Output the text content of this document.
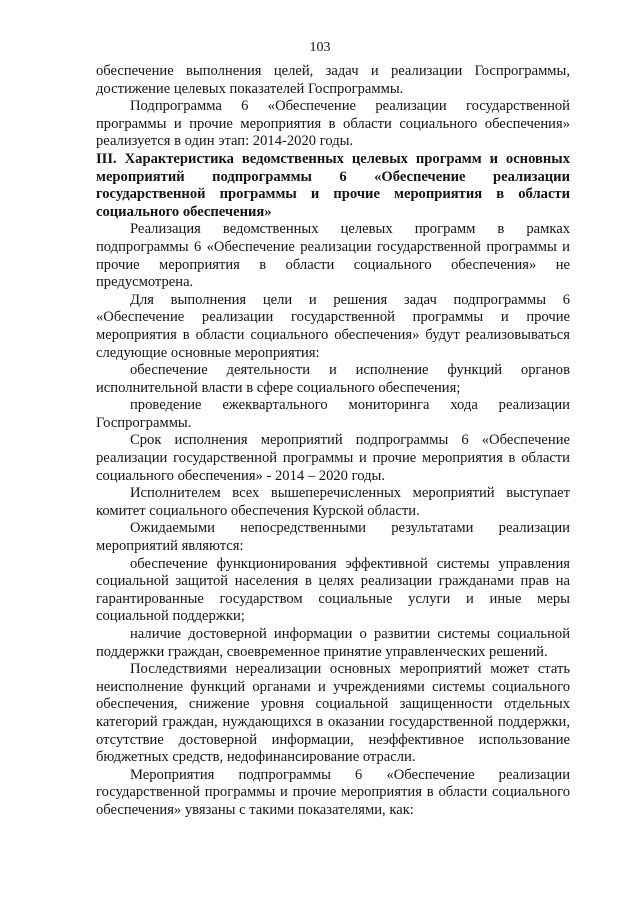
103

обеспечение выполнения целей, задач и реализации Госпрограммы, достижение целевых показателей Госпрограммы.

Подпрограмма 6 «Обеспечение реализации государственной программы и прочие мероприятия в области социального обеспечения» реализуется в один этап: 2014-2020 годы.

III. Характеристика ведомственных целевых программ и основных мероприятий подпрограммы 6 «Обеспечение реализации государственной программы и прочие мероприятия в области социального обеспечения»

Реализация ведомственных целевых программ в рамках подпрограммы 6 «Обеспечение реализации государственной программы и прочие мероприятия в области социального обеспечения» не предусмотрена.

Для выполнения цели и решения задач подпрограммы 6 «Обеспечение реализации государственной программы и прочие мероприятия в области социального обеспечения» будут реализовываться следующие основные мероприятия:

обеспечение деятельности и исполнение функций органов исполнительной власти в сфере социального обеспечения;

проведение ежеквартального мониторинга хода реализации Госпрограммы.

Срок исполнения мероприятий подпрограммы 6 «Обеспечение реализации государственной программы и прочие мероприятия в области социального обеспечения» - 2014 – 2020 годы.

Исполнителем всех вышеперечисленных мероприятий выступает комитет социального обеспечения Курской области.

Ожидаемыми непосредственными результатами реализации мероприятий являются:

обеспечение функционирования эффективной системы управления социальной защитой населения в целях реализации гражданами прав на гарантированные государством социальные услуги и иные меры социальной поддержки;

наличие достоверной информации о развитии системы социальной поддержки граждан, своевременное принятие управленческих решений.

Последствиями нереализации основных мероприятий может стать неисполнение функций органами и учреждениями системы социального обеспечения, снижение уровня социальной защищенности отдельных категорий граждан, нуждающихся в оказании государственной поддержки, отсутствие достоверной информации, неэффективное использование бюджетных средств, недофинансирование отрасли.

Мероприятия подпрограммы 6 «Обеспечение реализации государственной программы и прочие мероприятия в области социального обеспечения» увязаны с такими показателями, как:
